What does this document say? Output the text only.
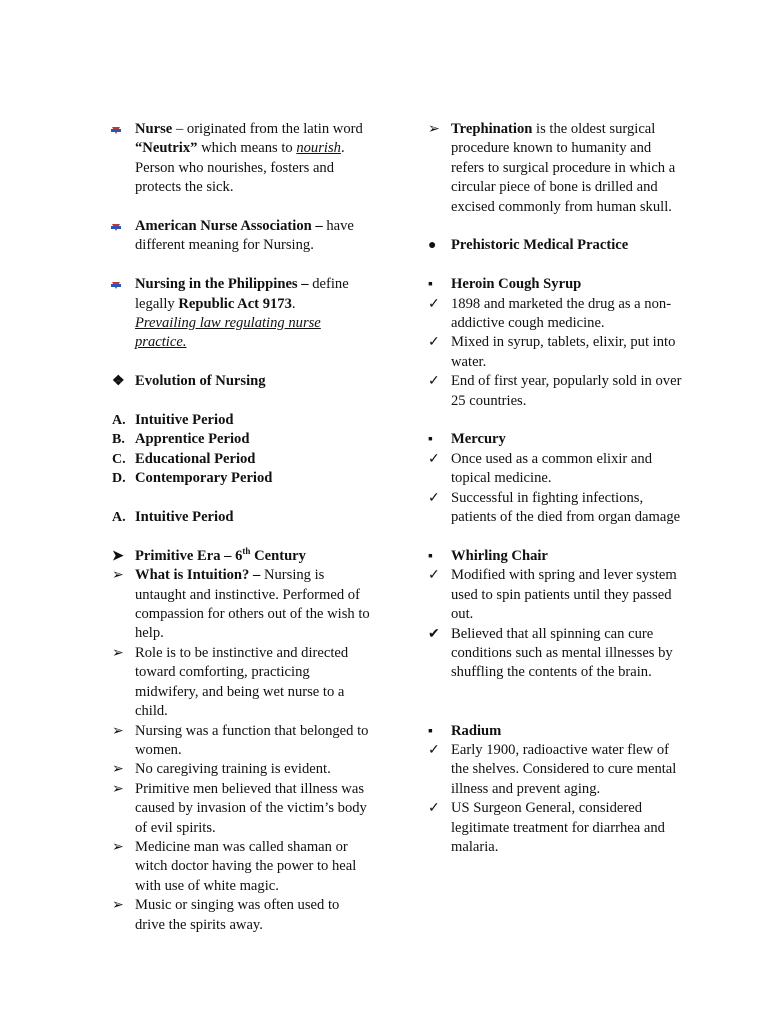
Nurse – originated from the latin word “Neutrix” which means to nourish. Person who nourishes, fosters and protects the sick.
American Nurse Association – have different meaning for Nursing.
Nursing in the Philippines – define legally Republic Act 9173.
Prevailing law regulating nurse practice.
❖ Evolution of Nursing
A. Intuitive Period
B. Apprentice Period
C. Educational Period
D. Contemporary Period
A. Intuitive Period
➤ Primitive Era – 6th Century
➢ What is Intuition? – Nursing is untaught and instinctive. Performed of compassion for others out of the wish to help.
➢ Role is to be instinctive and directed toward comforting, practicing midwifery, and being wet nurse to a child.
➢ Nursing was a function that belonged to women.
➢ No caregiving training is evident.
➢ Primitive men believed that illness was caused by invasion of the victim’s body of evil spirits.
➢ Medicine man was called shaman or witch doctor having the power to heal with use of white magic.
➢ Music or singing was often used to drive the spirits away.
➢ Trephination is the oldest surgical procedure known to humanity and refers to surgical procedure in which a circular piece of bone is drilled and excised commonly from human skull.
● Prehistoric Medical Practice
▪	Heroin Cough Syrup
✓ 1898 and marketed the drug as a non-addictive cough medicine.
✓ Mixed in syrup, tablets, elixir, put into water.
✓ End of first year, popularly sold in over 25 countries.
▪	Mercury
✓ Once used as a common elixir and topical medicine.
✓ Successful in fighting infections, patients of the died from organ damage
▪	Whirling Chair
✓ Modified with spring and lever system used to spin patients until they passed out.
✔ Believed that all spinning can cure conditions such as mental illnesses by shuffling the contents of the brain.
▪	Radium
✓ Early 1900, radioactive water flew of the shelves. Considered to cure mental illness and prevent aging.
✓ US Surgeon General, considered legitimate treatment for diarrhea and malaria.
